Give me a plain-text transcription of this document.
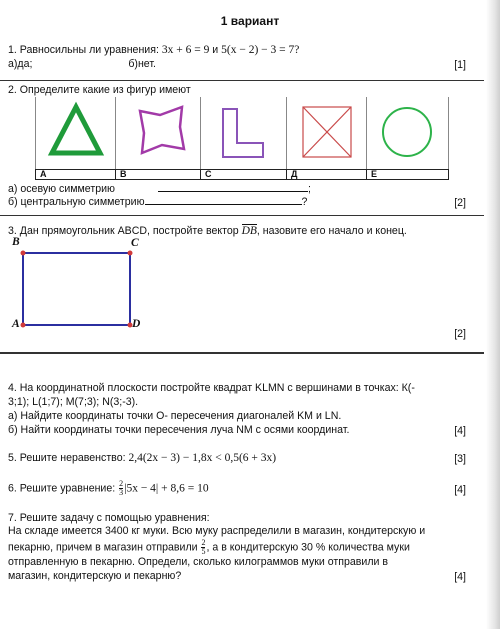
1 вариант
1. Равносильны ли уравнения: 3x + 6 = 9 и 5(x − 2) − 3 = 7?
а)да;	б)нет.	[1]
2. Определите какие из фигур имеют
А	В	С	Д	Е
а) осевую симметрию	;
б) центральную симметрию	?	[2]
3. Дан прямоугольник ABCD, постройте вектор DB, назовите его начало и конец.
B	C
A	D
[2]
4. На координатной плоскости постройте квадрат KLMN с вершинами в точках: К(-
3;1); L(1;7); M(7;3); N(3;-3).
а) Найдите координаты точки О- пересечения диагоналей KM и LN.
б) Найти координаты точки пересечения луча NM с осями координат.	[4]
5. Решите неравенство: 2,4(2x − 3) − 1,8x < 0,5(6 + 3x)	[3]
6. Решите уравнение: $\frac{2}{3} |5x - 4| + 8,6 = 10$	[4]
7. Решите задачу с помощью уравнения:
На складе имеется 3400 кг муки. Всю муку распределили в магазин, кондитерскую и
пекарню, причем в магазин отправили $\frac{2}{5}$ , а в кондитерскую 30 % количества муки
отправленную в пекарню. Определи, сколько килограммов муки отправили в
магазин, кондитерскую и пекарню?	[4]
